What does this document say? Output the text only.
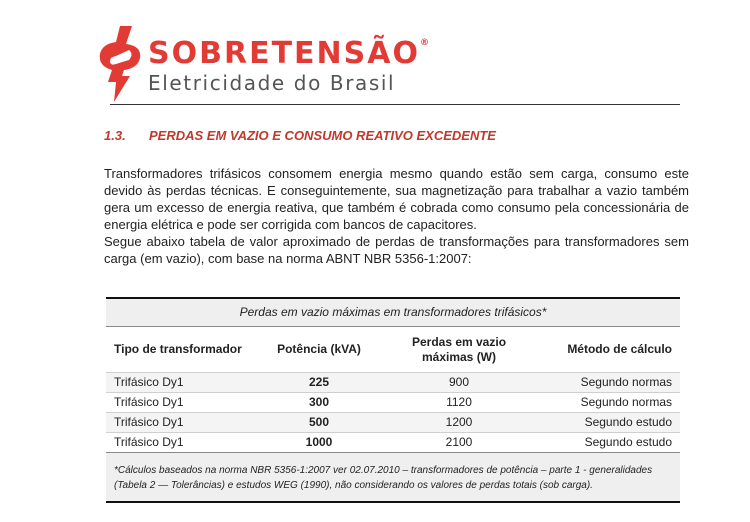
SOBRETENSÃO®
Eletricidade do Brasil
1.3. PERDAS EM VAZIO E CONSUMO REATIVO EXCEDENTE

Transformadores trifásicos consomem energia mesmo quando estão sem carga, consumo este devido às perdas técnicas. E conseguintemente, sua magnetização para trabalhar a vazio também gera um excesso de energia reativa, que também é cobrada como consumo pela concessionária de energia elétrica e pode ser corrigida com bancos de capacitores.

Segue abaixo tabela de valor aproximado de perdas de transformações para transformadores sem carga (em vazio), com base na norma ABNT NBR 5356-1:2007:

Perdas em vazio máximas em transformadores trifásicos*
Tipo de transformador	Potência (kVA)	Perdas em vazio máximas (W)	Método de cálculo
Trifásico Dy1	225	900	Segundo normas
Trifásico Dy1	300	1120	Segundo normas
Trifásico Dy1	500	1200	Segundo estudo
Trifásico Dy1	1000	2100	Segundo estudo
*Cálculos baseados na norma NBR 5356-1:2007 ver 02.07.2010 – transformadores de potência – parte 1 - generalidades (Tabela 2 — Tolerâncias) e estudos WEG (1990), não considerando os valores de perdas totais (sob carga).
